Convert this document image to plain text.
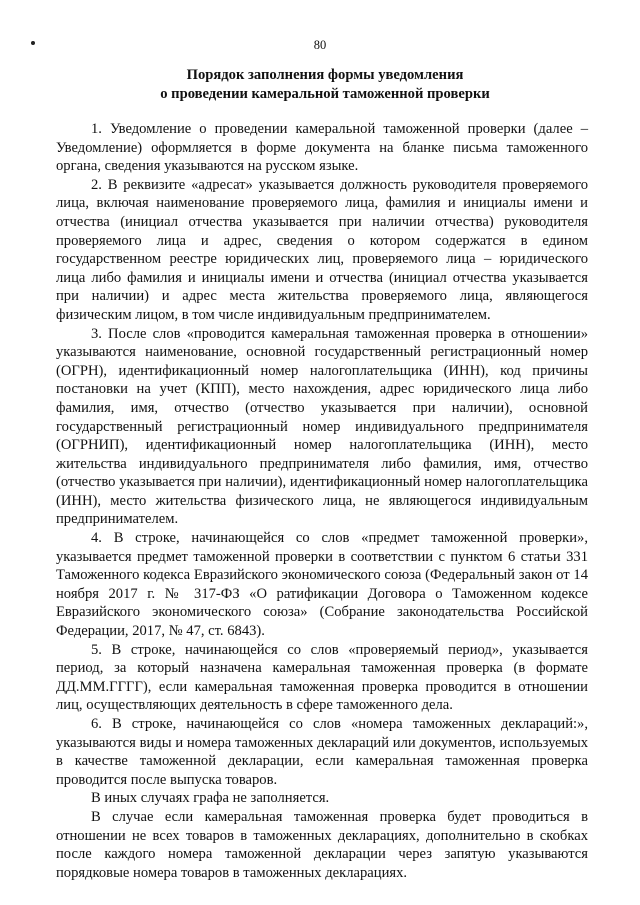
80
Порядок заполнения формы уведомления
о проведении камеральной таможенной проверки

1. Уведомление о проведении камеральной таможенной проверки (далее – Уведомление) оформляется в форме документа на бланке письма таможенного органа, сведения указываются на русском языке.

2. В реквизите «адресат» указывается должность руководителя проверяемого лица, включая наименование проверяемого лица, фамилия и инициалы имени и отчества (инициал отчества указывается при наличии отчества) руководителя проверяемого лица и адрес, сведения о котором содержатся в едином государственном реестре юридических лиц, проверяемого лица – юридического лица либо фамилия и инициалы имени и отчества (инициал отчества указывается при наличии) и адрес места жительства проверяемого лица, являющегося физическим лицом, в том числе индивидуальным предпринимателем.

3. После слов «проводится камеральная таможенная проверка в отношении» указываются наименование, основной государственный регистрационный номер (ОГРН), идентификационный номер налогоплательщика (ИНН), код причины постановки на учет (КПП), место нахождения, адрес юридического лица либо фамилия, имя, отчество (отчество указывается при наличии), основной государственный регистрационный номер индивидуального предпринимателя (ОГРНИП), идентификационный номер налогоплательщика (ИНН), место жительства индивидуального предпринимателя либо фамилия, имя, отчество (отчество указывается при наличии), идентификационный номер налогоплательщика (ИНН), место жительства физического лица, не являющегося индивидуальным предпринимателем.

4. В строке, начинающейся со слов «предмет таможенной проверки», указывается предмет таможенной проверки в соответствии с пунктом 6 статьи 331 Таможенного кодекса Евразийского экономического союза (Федеральный закон от 14 ноября 2017 г. № 317-ФЗ «О ратификации Договора о Таможенном кодексе Евразийского экономического союза» (Собрание законодательства Российской Федерации, 2017, № 47, ст. 6843).

5. В строке, начинающейся со слов «проверяемый период», указывается период, за который назначена камеральная таможенная проверка (в формате ДД.ММ.ГГГГ), если камеральная таможенная проверка проводится в отношении лиц, осуществляющих деятельность в сфере таможенного дела.

6. В строке, начинающейся со слов «номера таможенных деклараций:», указываются виды и номера таможенных деклараций или документов, используемых в качестве таможенной декларации, если камеральная таможенная проверка проводится после выпуска товаров.

В иных случаях графа не заполняется.

В случае если камеральная таможенная проверка будет проводиться в отношении не всех товаров в таможенных декларациях, дополнительно в скобках после каждого номера таможенной декларации через запятую указываются порядковые номера товаров в таможенных декларациях.
